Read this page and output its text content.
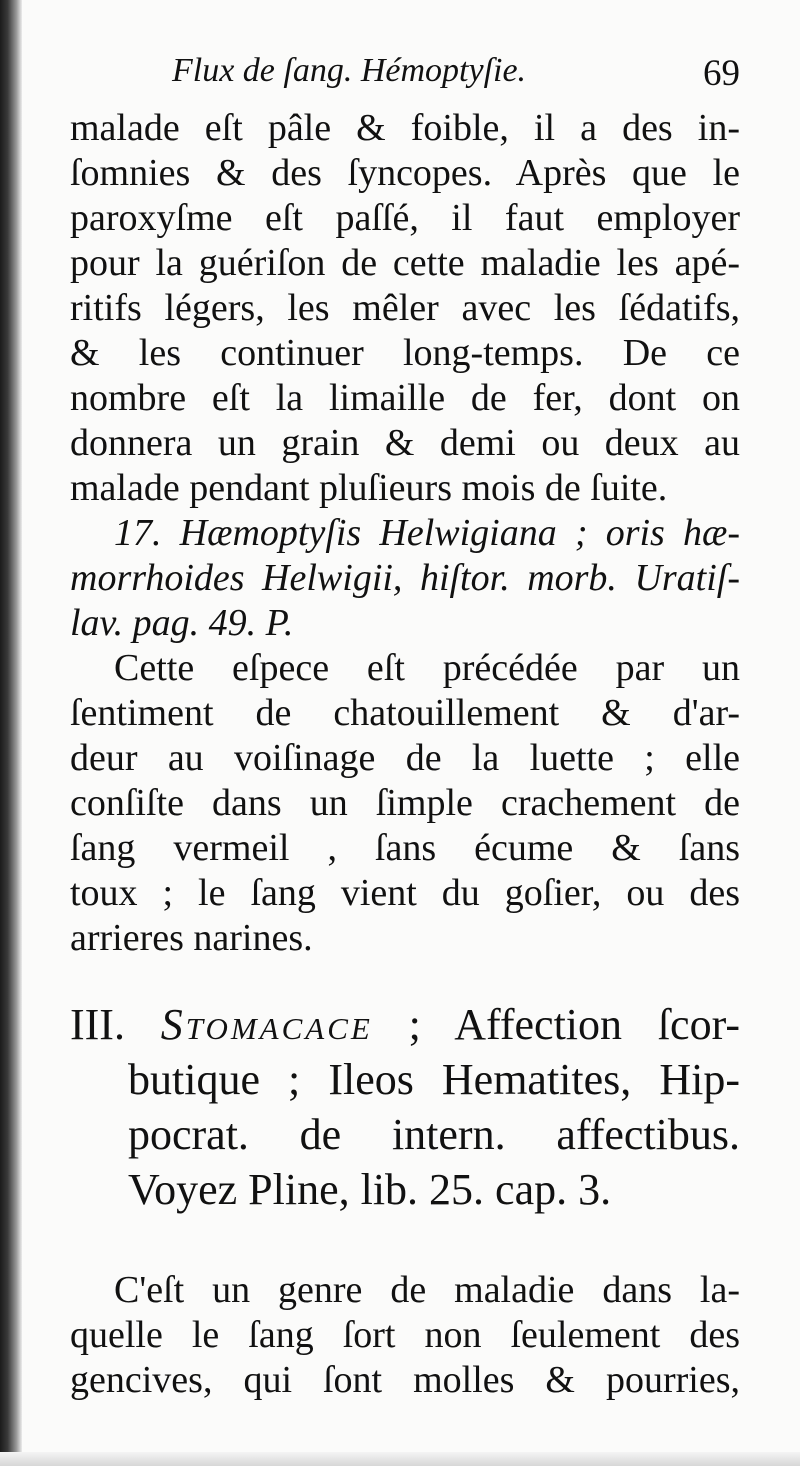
Flux de ſang. Hémoptyſie.	69
malade eſt pâle & foible, il a des in-
ſomnies & des ſyncopes. Après que le
paroxyſme eſt paſſé, il faut employer
pour la guériſon de cette maladie les apé-
ritifs légers, les mêler avec les ſédatifs,
& les continuer long-temps. De ce
nombre eſt la limaille de fer, dont on
donnera un grain & demi ou deux au
malade pendant pluſieurs mois de ſuite.
17. Hæmoptyſis Helwigiana ; oris hæ-
morrhoides Helwigii, hiſtor. morb. Uratiſ-
lav. pag. 49. P.
Cette eſpece eſt précédée par un
ſentiment de chatouillement & d'ar-
deur au voiſinage de la luette ; elle
conſiſte dans un ſimple crachement de
ſang vermeil , ſans écume & ſans
toux ; le ſang vient du goſier, ou des
arrieres narines.
III. Stomacace ; Affection ſcor-
butique ; Ileos Hematites, Hip-
pocrat. de intern. affectibus.
Voyez Pline, lib. 25. cap. 3.
C'eſt un genre de maladie dans la-
quelle le ſang ſort non ſeulement des
gencives, qui ſont molles & pourries,
